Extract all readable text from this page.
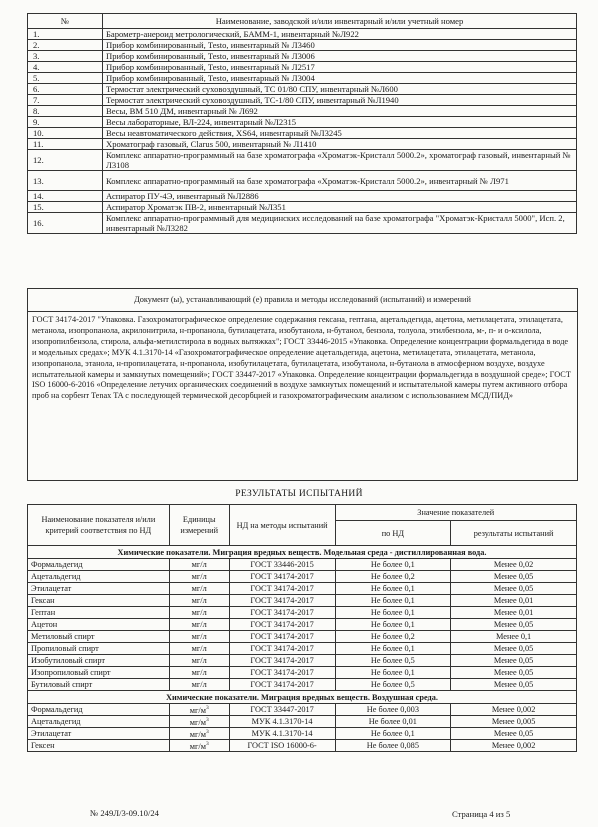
№	Наименование, заводской и/или инвентарный и/или учетный номер
1.	Барометр-анероид метрологический, БАММ-1, инвентарный №Л922
2.	Прибор комбинированный, Testo, инвентарный № Л3460
3.	Прибор комбинированный, Testo, инвентарный № Л3006
4.	Прибор комбинированный, Testo, инвентарный № Л2517
5.	Прибор комбинированный, Testo, инвентарный № Л3004
6.	Термостат электрический суховоздушный, ТС 01/80 СПУ, инвентарный №Л600
7.	Термостат электрический суховоздушный, ТС-1/80 СПУ, инвентарный №Л1940
8.	Весы, ВМ 510 ДМ, инвентарный № Л692
9.	Весы лабораторные, ВЛ-224, инвентарный №Л2315
10.	Весы неавтоматического действия, XS64, инвентарный №Л3245
11.	Хроматограф газовый, Clarus 500, инвентарный № Л1410
12.	Комплекс аппаратно-программный на базе хроматографа «Хроматэк-Кристалл 5000.2», хроматограф газовый, инвентарный № Л3108
13.	Комплекс аппаратно-программный на базе хроматографа «Хроматэк-Кристалл 5000.2», инвентарный № Л971
14.	Аспиратор ПУ-4Э, инвентарный №Л2886
15.	Аспиратор Хроматэк ПВ-2, инвентарный №Л351
16.	Комплекс аппаратно-программный для медицинских исследований на базе хроматографа "Хроматэк-Кристалл 5000", Исп. 2, инвентарный №Л3282
Документ (ы), устанавливающий (е) правила и методы исследований (испытаний) и измерений
ГОСТ 34174-2017 "Упаковка. Газохроматографическое определение содержания гексана, гептана, ацетальдегида, ацетона, метилацетата, этилацетата, метанола, изопропанола, акрилонитрила, н-пропанола, бутилацетата, изобутанола, н-бутанол, бензола, толуола, этилбензола, м-, п- и о-ксилола, изопропилбензола, стирола, альфа-метилстирола в водных вытяжках"; ГОСТ 33446-2015 «Упаковка. Определение концентрации формальдегида в воде и модельных средах»; МУК 4.1.3170-14 «Газохроматографическое определение ацетальдегида, ацетона, метилацетата, этилацетата, метанола, изопропанола, этанола, н-пропилацетата, н-пропанола, изобутилацетата, бутилацетата, изобутанола, н-бутанола в атмосферном воздухе, воздухе испытательной камеры и замкнутых помещений»; ГОСТ 33447-2017 «Упаковка. Определение концентрации формальдегида в воздушной среде»; ГОСТ ISO 16000-6-2016 «Определение летучих органических соединений в воздухе замкнутых помещений и испытательной камеры путем активного отбора проб на сорбент Tenax TA с последующей термической десорбцией и газохроматографическим анализом с использованием МСД/ПИД»
РЕЗУЛЬТАТЫ ИСПЫТАНИЙ
Наименование показателя и/или критерий соответствия по НД	Единицы измерений	НД на методы испытаний	Значение показателей	
			по НД	результаты испытаний
Химические показатели. Миграция вредных веществ. Модельная среда - дистиллированная вода.				
Формальдегид	мг/л	ГОСТ 33446-2015	Не более 0,1	Менее 0,02
Ацетальдегид	мг/л	ГОСТ 34174-2017	Не более 0,2	Менее 0,05
Этилацетат	мг/л	ГОСТ 34174-2017	Не более 0,1	Менее 0,05
Гексан	мг/л	ГОСТ 34174-2017	Не более 0,1	Менее 0,01
Гептан	мг/л	ГОСТ 34174-2017	Не более 0,1	Менее 0,01
Ацетон	мг/л	ГОСТ 34174-2017	Не более 0,1	Менее 0,05
Метиловый спирт	мг/л	ГОСТ 34174-2017	Не более 0,2	Менее 0,1
Пропиловый спирт	мг/л	ГОСТ 34174-2017	Не более 0,1	Менее 0,05
Изобутиловый спирт	мг/л	ГОСТ 34174-2017	Не более 0,5	Менее 0,05
Изопропиловый спирт	мг/л	ГОСТ 34174-2017	Не более 0,1	Менее 0,05
Бутиловый спирт	мг/л	ГОСТ 34174-2017	Не более 0,5	Менее 0,05
Химические показатели. Миграция вредных веществ. Воздушная среда.				
Формальдегид	$мг/м^3$	ГОСТ 33447-2017	Не более 0,003	Менее 0,002
Ацетальдегид	$мг/м^3$	МУК 4.1.3170-14	Не более 0,01	Менее 0,005
Этилацетат	$мг/м^3$	МУК 4.1.3170-14	Не более 0,1	Менее 0,05
Гексен	$мг/м^3$	ГОСТ ISO 16000-6-	Не более 0,085	Менее 0,002
№ 249Л/3-09.10/24	Страница 4 из 5
